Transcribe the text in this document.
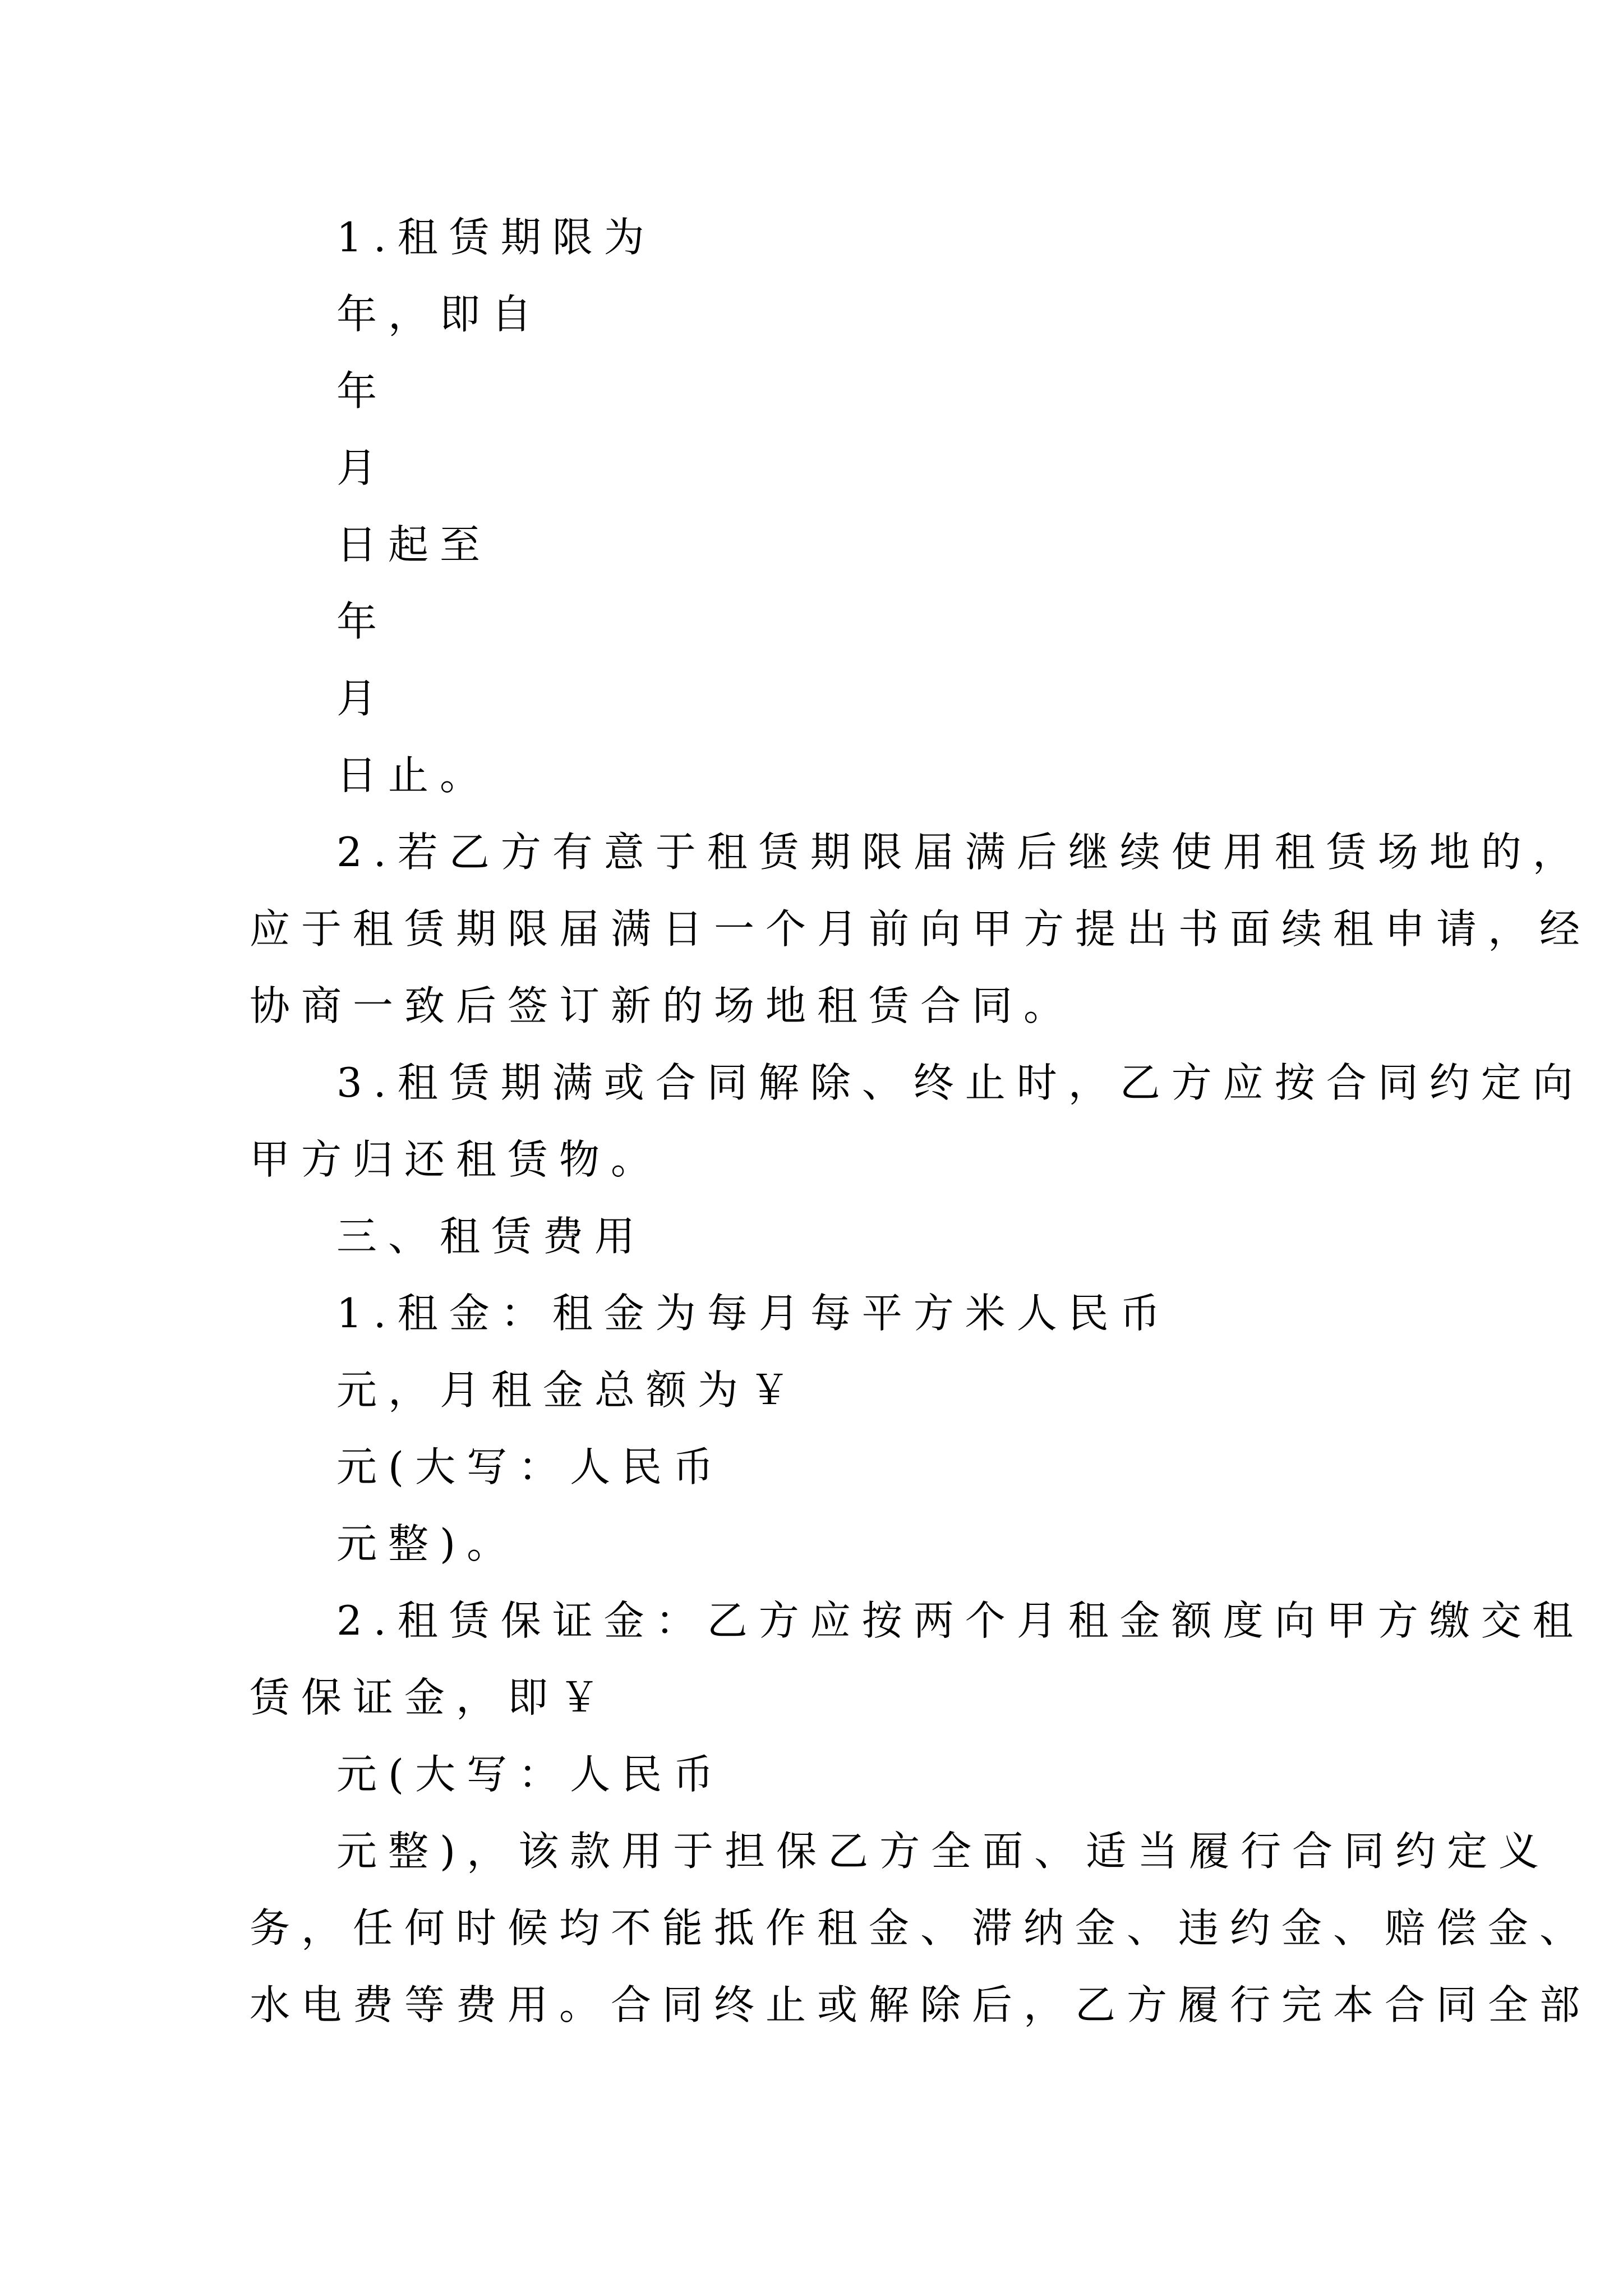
1.租赁期限为
年，即自
年
月
日起至
年
月
日止。
2.若乙方有意于租赁期限届满后继续使用租赁场地的，
应于租赁期限届满日一个月前向甲方提出书面续租申请，经
协商一致后签订新的场地租赁合同。
3.租赁期满或合同解除、终止时，乙方应按合同约定向
甲方归还租赁物。
三、租赁费用
1.租金：租金为每月每平方米人民币
元，月租金总额为￥
元(大写：人民币
元整)。
2.租赁保证金：乙方应按两个月租金额度向甲方缴交租
赁保证金，即￥
元(大写：人民币
元整)，该款用于担保乙方全面、适当履行合同约定义
务，任何时候均不能抵作租金、滞纳金、违约金、赔偿金、
水电费等费用。合同终止或解除后，乙方履行完本合同全部
